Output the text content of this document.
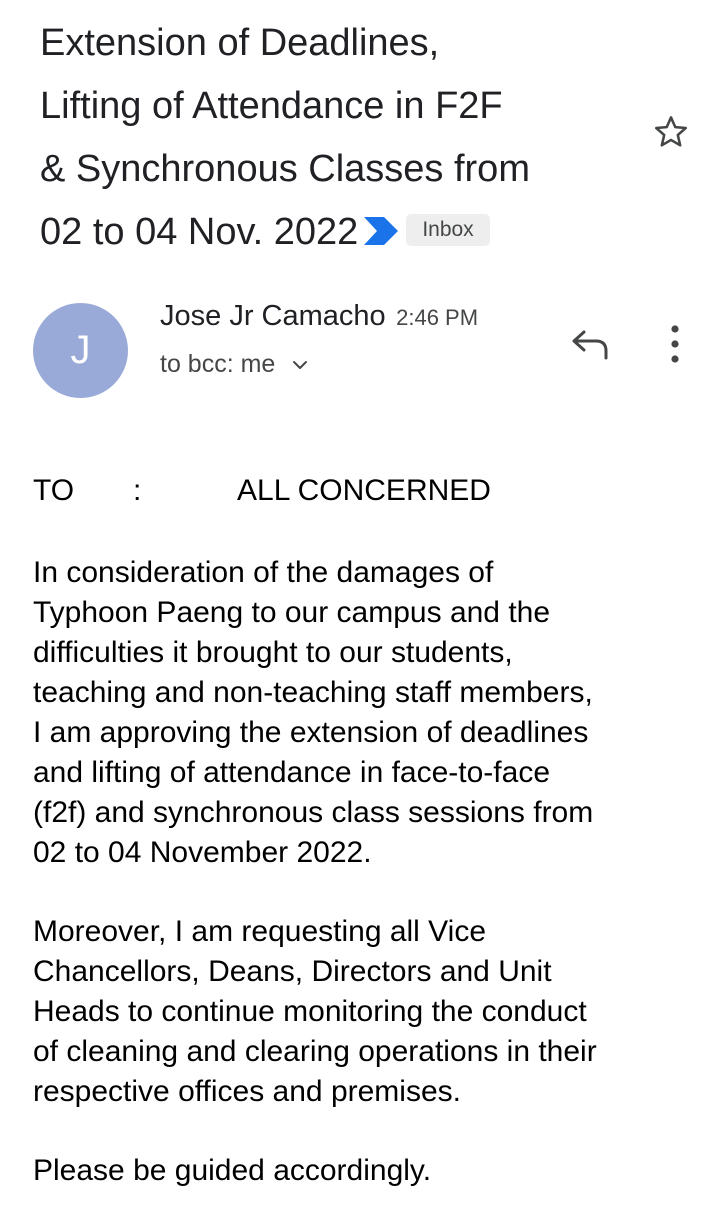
Extension of Deadlines,
Lifting of Attendance in F2F
& Synchronous Classes from
02 to 04 Nov. 2022	Inbox
J
Jose Jr Camacho 2:46 PM
to bcc: me
TO :	ALL CONCERNED

In consideration of the damages of
Typhoon Paeng to our campus and the
difficulties it brought to our students,
teaching and non-teaching staff members,
I am approving the extension of deadlines
and lifting of attendance in face-to-face
(f2f) and synchronous class sessions from
02 to 04 November 2022.

Moreover, I am requesting all Vice
Chancellors, Deans, Directors and Unit
Heads to continue monitoring the conduct
of cleaning and clearing operations in their
respective offices and premises.

Please be guided accordingly.
